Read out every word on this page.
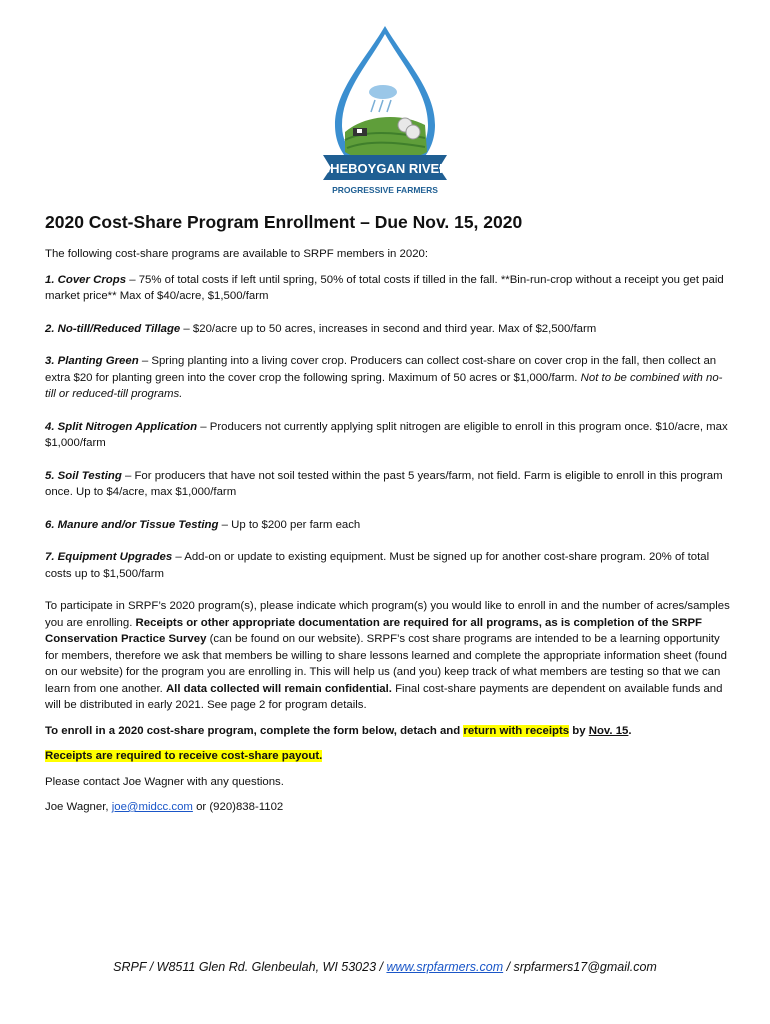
SHEBOYGAN RIVER
PROGRESSIVE FARMERS
2020 Cost-Share Program Enrollment – Due Nov. 15, 2020

The following cost-share programs are available to SRPF members in 2020:

1. Cover Crops – 75% of total costs if left until spring, 50% of total costs if tilled in the fall. **Bin-run-crop without a receipt you get paid market price** Max of $40/acre, $1,500/farm

2. No-till/Reduced Tillage – $20/acre up to 50 acres, increases in second and third year. Max of $2,500/farm

3. Planting Green – Spring planting into a living cover crop. Producers can collect cost-share on cover crop in the fall, then collect an extra $20 for planting green into the cover crop the following spring. Maximum of 50 acres or $1,000/farm. Not to be combined with no-till or reduced-till programs.

4. Split Nitrogen Application – Producers not currently applying split nitrogen are eligible to enroll in this program once. $10/acre, max $1,000/farm

5. Soil Testing – For producers that have not soil tested within the past 5 years/farm, not field. Farm is eligible to enroll in this program once. Up to $4/acre, max $1,000/farm

6. Manure and/or Tissue Testing – Up to $200 per farm each

7. Equipment Upgrades – Add-on or update to existing equipment. Must be signed up for another cost-share program. 20% of total costs up to $1,500/farm

To participate in SRPF’s 2020 program(s), please indicate which program(s) you would like to enroll in and the number of acres/samples you are enrolling. Receipts or other appropriate documentation are required for all programs, as is completion of the SRPF Conservation Practice Survey (can be found on our website). SRPF’s cost share programs are intended to be a learning opportunity for members, therefore we ask that members be willing to share lessons learned and complete the appropriate information sheet (found on our website) for the program you are enrolling in. This will help us (and you) keep track of what members are testing so that we can learn from one another. All data collected will remain confidential. Final cost-share payments are dependent on available funds and will be distributed in early 2021. See page 2 for program details.

To enroll in a 2020 cost-share program, complete the form below, detach and return with receipts by Nov. 15.

Receipts are required to receive cost-share payout.

Please contact Joe Wagner with any questions.

Joe Wagner, joe@midcc.com or (920)838-1102

SRPF / W8511 Glen Rd. Glenbeulah, WI 53023 / www.srpfarmers.com / srpfarmers17@gmail.com
